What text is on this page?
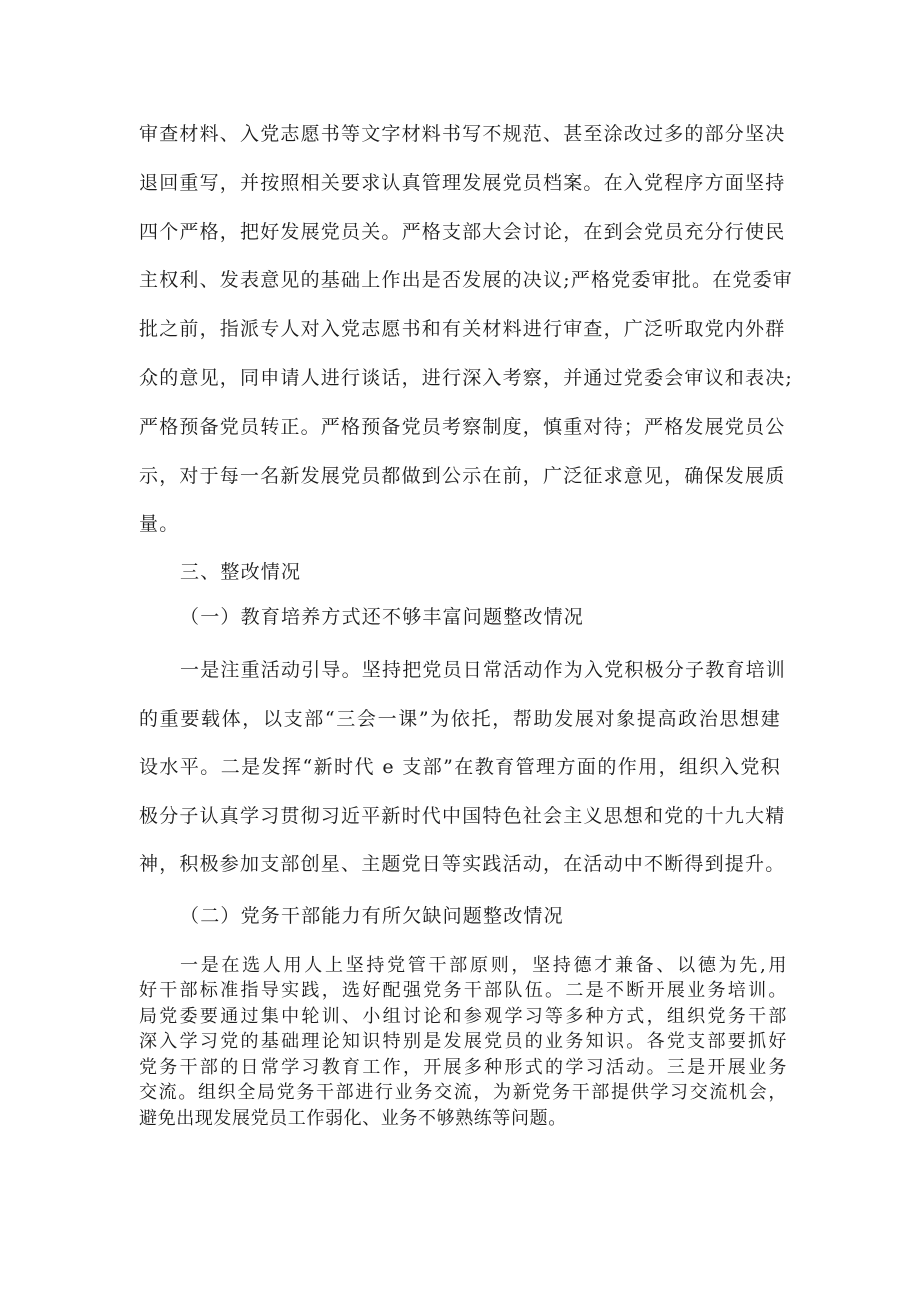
审查材料、入党志愿书等文字材料书写不规范、甚至涂改过多的部分坚决
退回重写，并按照相关要求认真管理发展党员档案。在入党程序方面坚持
四个严格，把好发展党员关。严格支部大会讨论，在到会党员充分行使民
主权利、发表意见的基础上作出是否发展的决议;严格党委审批。在党委审
批之前，指派专人对入党志愿书和有关材料进行审查，广泛听取党内外群
众的意见，同申请人进行谈话，进行深入考察，并通过党委会审议和表决;
严格预备党员转正。严格预备党员考察制度，慎重对待；严格发展党员公
示，对于每一名新发展党员都做到公示在前，广泛征求意见，确保发展质
量。
三、整改情况
（一）教育培养方式还不够丰富问题整改情况
一是注重活动引导。坚持把党员日常活动作为入党积极分子教育培训
的重要载体，以支部“三会一课”为依托，帮助发展对象提高政治思想建
设水平。二是发挥“新时代 e 支部”在教育管理方面的作用，组织入党积
极分子认真学习贯彻习近平新时代中国特色社会主义思想和党的十九大精
神，积极参加支部创星、主题党日等实践活动，在活动中不断得到提升。
（二）党务干部能力有所欠缺问题整改情况
一是在选人用人上坚持党管干部原则，坚持德才兼备、以德为先,用
好干部标准指导实践，选好配强党务干部队伍。二是不断开展业务培训。
局党委要通过集中轮训、小组讨论和参观学习等多种方式，组织党务干部
深入学习党的基础理论知识特别是发展党员的业务知识。各党支部要抓好
党务干部的日常学习教育工作，开展多种形式的学习活动。三是开展业务
交流。组织全局党务干部进行业务交流，为新党务干部提供学习交流机会，
避免出现发展党员工作弱化、业务不够熟练等问题。
